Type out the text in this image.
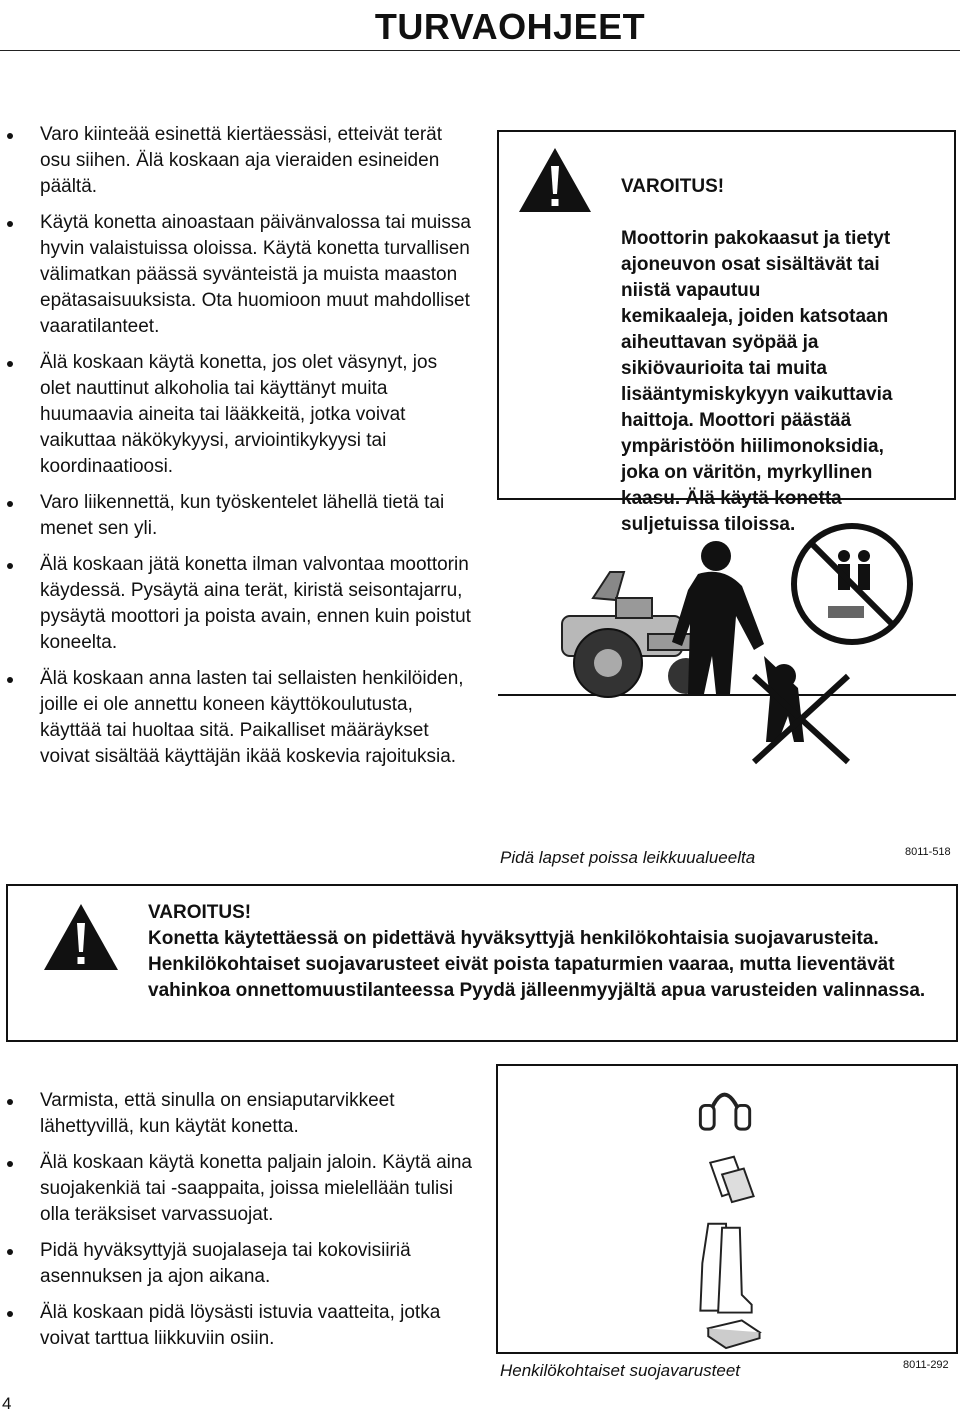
TURVAOHJEET
Varo kiinteää esinettä kiertäessäsi, etteivät terät osu siihen. Älä koskaan aja vieraiden esineiden päältä.
Käytä konetta ainoastaan päivänvalossa tai muissa hyvin valaistuissa oloissa. Käytä konetta turvallisen välimatkan päässä syvänteistä ja muista maaston epätasaisuuksista. Ota huomioon muut mahdolliset vaaratilanteet.
Älä koskaan käytä konetta, jos olet väsynyt, jos olet nauttinut alkoholia tai käyttänyt muita huumaavia aineita tai lääkkeitä, jotka voivat vaikuttaa näkökykyysi, arviointikykyysi tai koordinaatioosi.
Varo liikennettä, kun työskentelet lähellä tietä tai menet sen yli.
Älä koskaan jätä konetta ilman valvontaa moottorin käydessä. Pysäytä aina terät, kiristä seisontajarru, pysäytä moottori ja poista avain, ennen kuin poistut koneelta.
Älä koskaan anna lasten tai sellaisten henkilöiden, joille ei ole annettu koneen käyttökoulutusta, käyttää tai huoltaa sitä. Paikalliset määräykset voivat sisältää käyttäjän ikää koskevia rajoituksia.

VAROITUS!

Moottorin pakokaasut ja tietyt
ajoneuvon osat sisältävät tai
niistä vapautuu
kemikaaleja, joiden katsotaan
aiheuttavan syöpää ja
sikiövaurioita tai muita
lisääntymiskykyyn vaikuttavia
haittoja. Moottori päästää
ympäristöön hiilimonoksidia,
joka on väritön, myrkyllinen
kaasu. Älä käytä konetta
suljetuissa tiloissa.

Pidä lapset poissa leikkuualueelta	8011-518
VAROITUS!
Konetta käytettäessä on pidettävä hyväksyttyjä henkilökohtaisia suojavarusteita. Henkilökohtaiset suojavarusteet eivät poista tapaturmien vaaraa, mutta lieventävät vahinkoa onnettomuustilanteessa Pyydä jälleenmyyjältä apua varusteiden valinnassa.
Varmista, että sinulla on ensiaputarvikkeet lähettyvillä, kun käytät konetta.
Älä koskaan käytä konetta paljain jaloin. Käytä aina suojakenkiä tai -saappaita, joissa mielellään tulisi olla teräksiset varvassuojat.
Pidä hyväksyttyjä suojalaseja tai kokovisiiriä asennuksen ja ajon aikana.
Älä koskaan pidä löysästi istuvia vaatteita, jotka voivat tarttua liikkuviin osiin.
Henkilökohtaiset suojavarusteet	8011-292
4
